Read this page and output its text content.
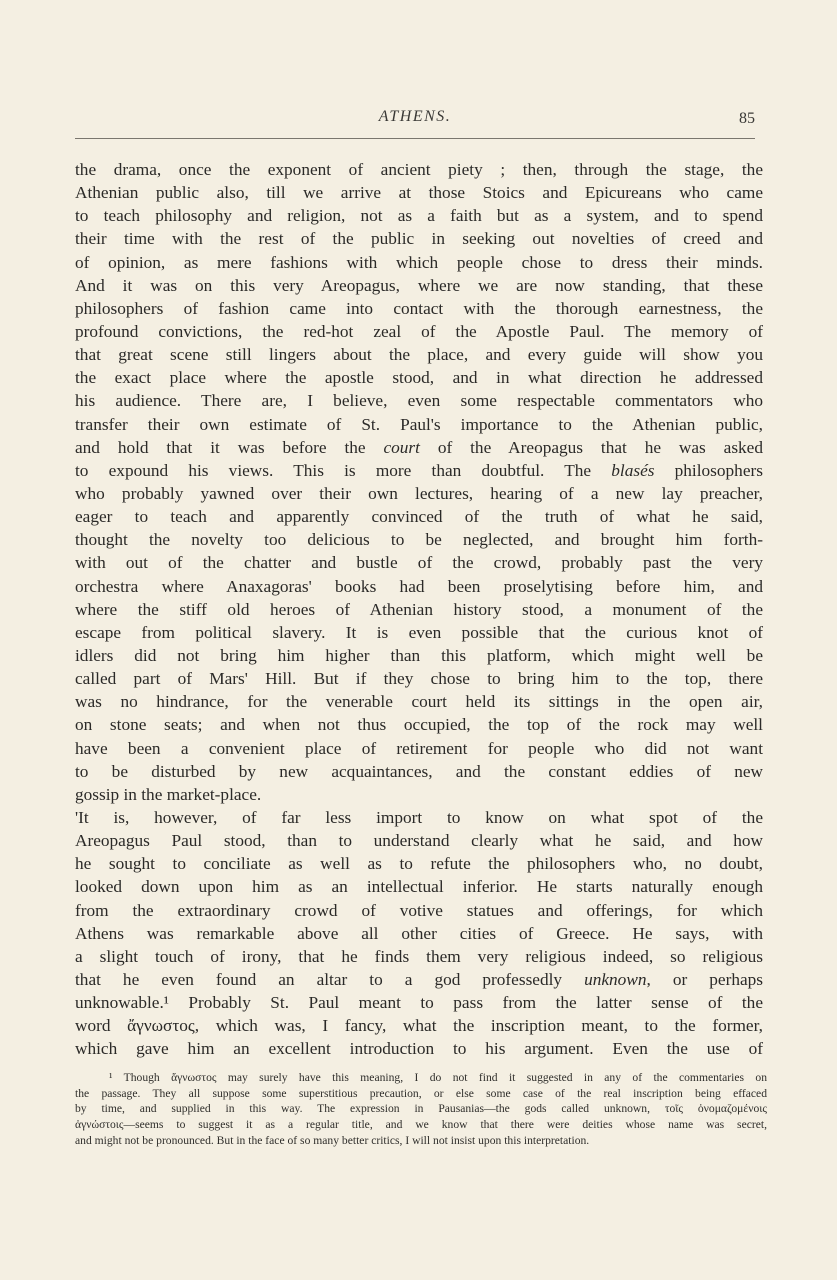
ATHENS.	85
the drama, once the exponent of ancient piety ; then, through the stage, the
Athenian public also, till we arrive at those Stoics and Epicureans who came
to teach philosophy and religion, not as a faith but as a system, and to spend
their time with the rest of the public in seeking out novelties of creed and
of opinion, as mere fashions with which people chose to dress their minds.
And it was on this very Areopagus, where we are now standing, that these
philosophers of fashion came into contact with the thorough earnestness, the
profound convictions, the red-hot zeal of the Apostle Paul. The memory of
that great scene still lingers about the place, and every guide will show you
the exact place where the apostle stood, and in what direction he addressed
his audience. There are, I believe, even some respectable commentators who
transfer their own estimate of St. Paul's importance to the Athenian public,
and hold that it was before the court of the Areopagus that he was asked
to expound his views. This is more than doubtful. The blasés philosophers
who probably yawned over their own lectures, hearing of a new lay preacher,
eager to teach and apparently convinced of the truth of what he said,
thought the novelty too delicious to be neglected, and brought him forth-
with out of the chatter and bustle of the crowd, probably past the very
orchestra where Anaxagoras' books had been proselytising before him, and
where the stiff old heroes of Athenian history stood, a monument of the
escape from political slavery. It is even possible that the curious knot of
idlers did not bring him higher than this platform, which might well be
called part of Mars' Hill. But if they chose to bring him to the top, there
was no hindrance, for the venerable court held its sittings in the open air,
on stone seats; and when not thus occupied, the top of the rock may well
have been a convenient place of retirement for people who did not want
to be disturbed by new acquaintances, and the constant eddies of new
gossip in the market-place.
'It is, however, of far less import to know on what spot of the
Areopagus Paul stood, than to understand clearly what he said, and how
he sought to conciliate as well as to refute the philosophers who, no doubt,
looked down upon him as an intellectual inferior. He starts naturally enough
from the extraordinary crowd of votive statues and offerings, for which
Athens was remarkable above all other cities of Greece. He says, with
a slight touch of irony, that he finds them very religious indeed, so religious
that he even found an altar to a god professedly unknown, or perhaps
unknowable.¹ Probably St. Paul meant to pass from the latter sense of the
word ἄγνωστος, which was, I fancy, what the inscription meant, to the former,
which gave him an excellent introduction to his argument. Even the use of
¹ Though ἄγνωστος may surely have this meaning, I do not find it suggested in any of the commentaries on
the passage. They all suppose some superstitious precaution, or else some case of the real inscription being effaced
by time, and supplied in this way. The expression in Pausanias—the gods called unknown, τοῖς ὀνομαζομένοις
ἀγνώστοις—seems to suggest it as a regular title, and we know that there were deities whose name was secret,
and might not be pronounced. But in the face of so many better critics, I will not insist upon this interpretation.
